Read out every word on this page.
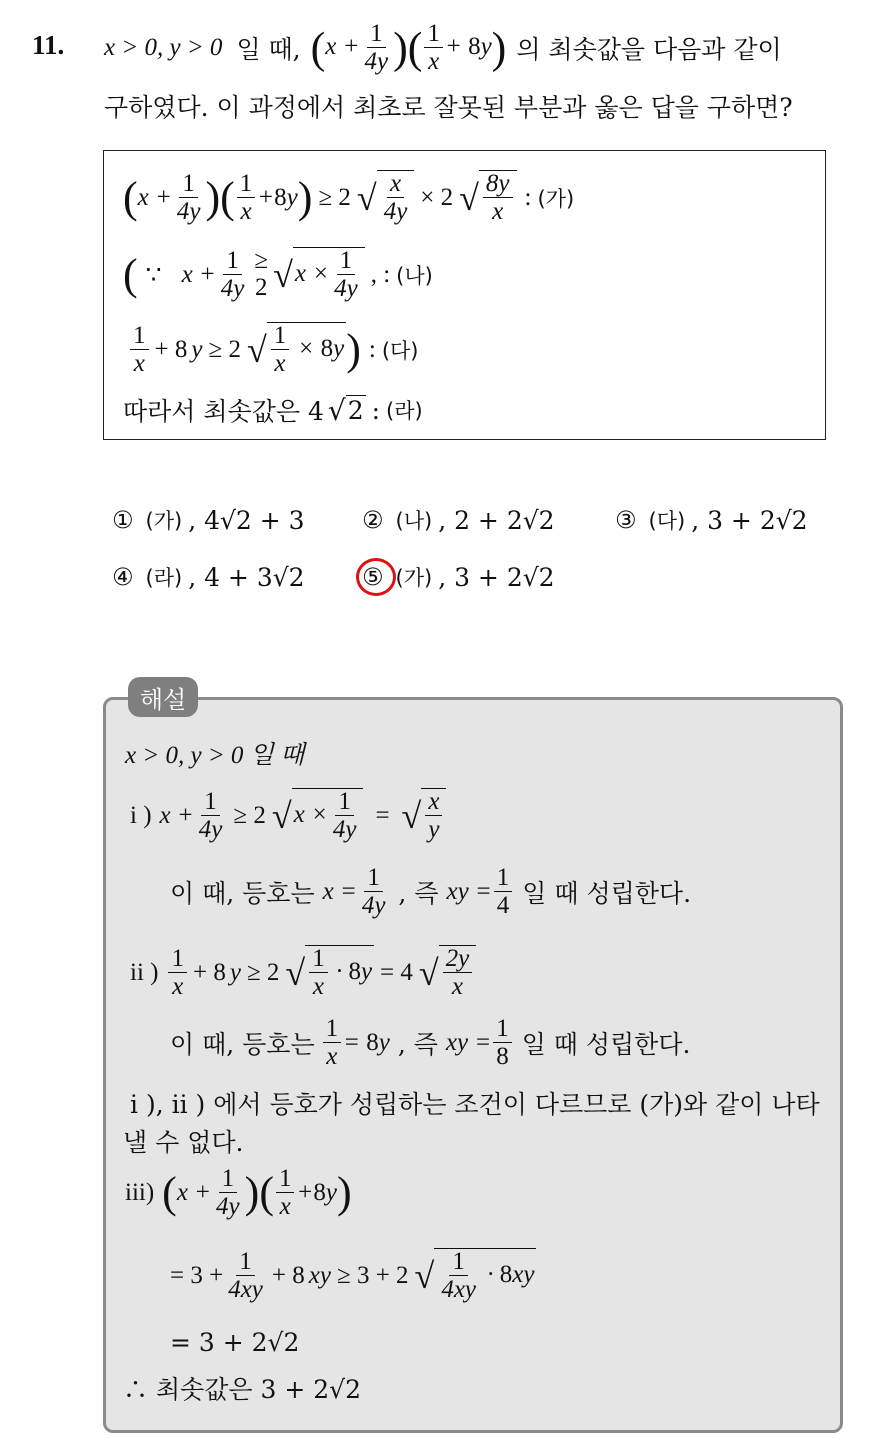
11. x > 0, y > 0 일 때, ($x + \frac{1}{4y}$ )( $\frac{1}{x} + 8y$) 의 최솟값을 다음과 같이
구하였다. 이 과정에서 최초로 잘못된 부분과 옳은 답을 구하면?
( $x + \frac{1}{4y}$ ) ( $\frac{1}{x} + 8$ y ) ≥ 2 √ $\frac{x}{4y} \times 2$ √ $\frac{8y}{x}$ : (가)
( ∵ $x + \frac{1}{4y}$ ≥
2 √ $x \times \frac{1}{4y}$ , : (나)
$\frac{1}{x} + 8$ y ≥ 2 √ $\frac{1}{x} \times 8y$ ) : (다)
따라서 최솟값은 4 √ 2 : (라)
① (가) , 4√2 + 3 ② (나) , 2 + 2√2	③ (다) , 3 + 2√2
④ (라) , 4 + 3√2 ⑤ (가) , 3 + 2√2
해설
x > 0, y > 0 일 때
i ) $x + \frac{1}{4y} \ge 2$ √ $x \times \frac{1}{4y}$ = √ $\frac{x}{y}$
이 때, 등호는 $x = \frac{1}{4y}$ , 즉 xy = $\frac{1}{4}$ 일 때 성립한다.
ii ) $\frac{1}{x} + 8$ y ≥ 2 √ $\frac{1}{x} \cdot 8y = 4$ √ $\frac{2y}{x}$
이 때, 등호는 $\frac{1}{x} = 8y$ , 즉 xy = $\frac{1}{8}$ 일 때 성립한다.
i ), ii ) 에서 등호가 성립하는 조건이 다르므로 (가)와 같이 나타
낼 수 없다.
iii) ( $x + \frac{1}{4y}$ ) ( $\frac{1}{x} + 8$ y )
= $3 + \frac{1}{4xy} + 8$ xy ≥ 3 + 2 √ $\frac{1}{4xy} \cdot 8xy$
= 3 + 2√2
∴ 최솟값은 3 + 2√2
